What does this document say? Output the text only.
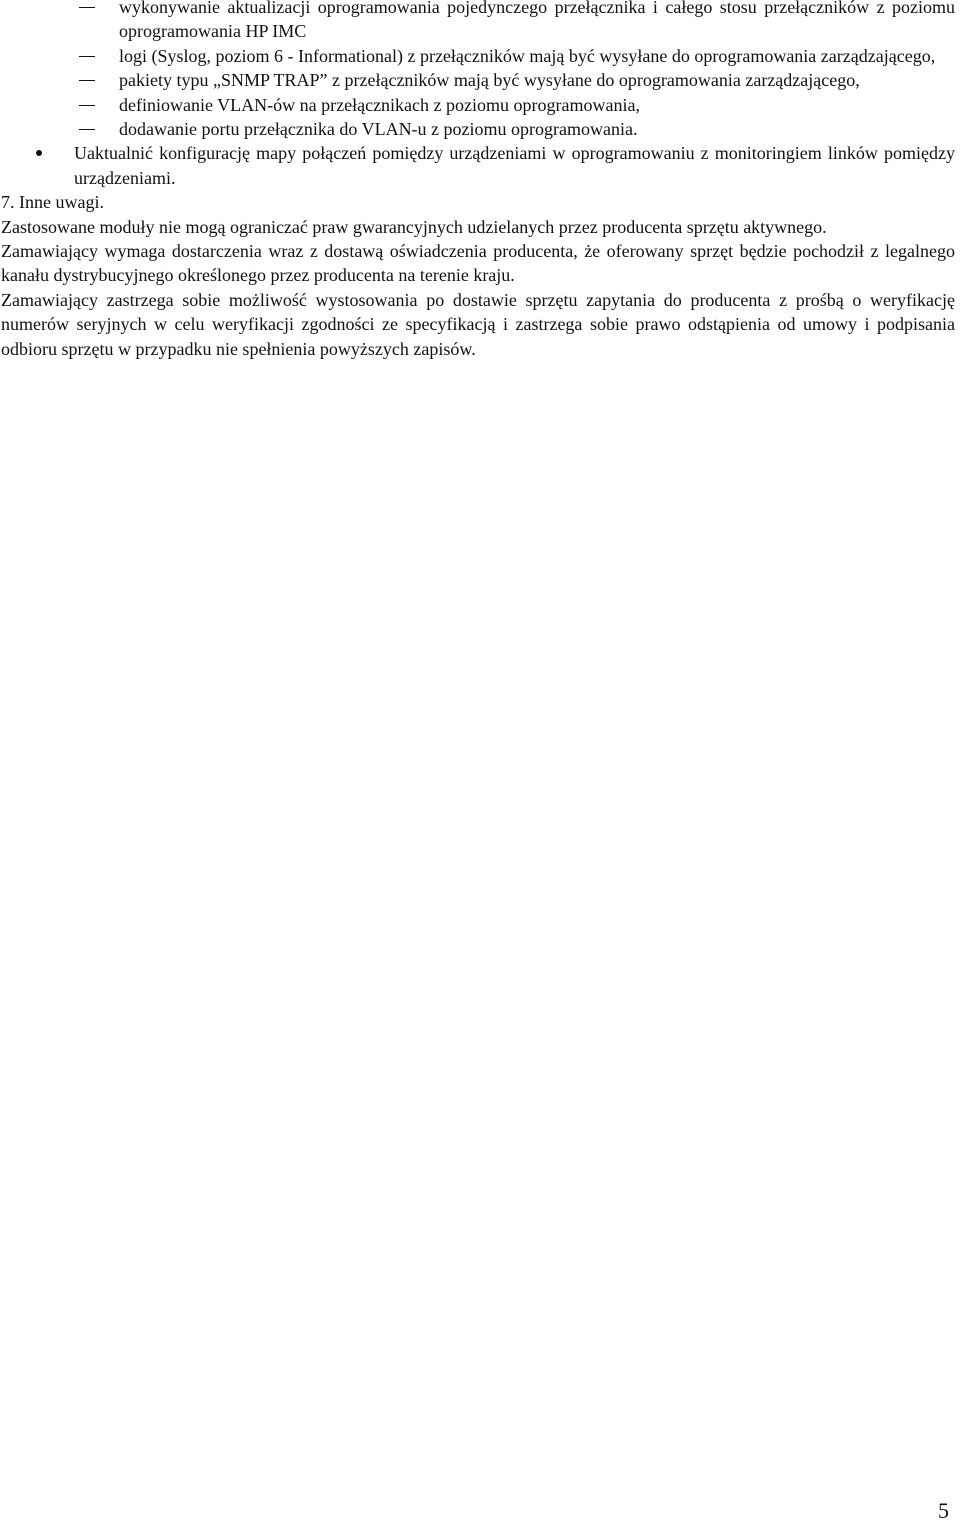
wykonywanie aktualizacji oprogramowania pojedynczego przełącznika i całego stosu przełączników z poziomu oprogramowania HP IMC
logi (Syslog, poziom 6 - Informational) z przełączników mają być wysyłane do oprogramowania zarządzającego,
pakiety typu „SNMP TRAP” z przełączników mają być wysyłane do oprogramowania zarządzającego,
definiowanie VLAN-ów na przełącznikach z poziomu oprogramowania,
dodawanie portu przełącznika do VLAN-u z poziomu oprogramowania.
Uaktualnić konfigurację mapy połączeń pomiędzy urządzeniami w oprogramowaniu z monitoringiem linków pomiędzy urządzeniami.
7. Inne uwagi.
Zastosowane moduły nie mogą ograniczać praw gwarancyjnych udzielanych przez producenta sprzętu aktywnego.
Zamawiający wymaga dostarczenia wraz z dostawą oświadczenia producenta, że oferowany sprzęt będzie pochodził z legalnego kanału dystrybucyjnego określonego przez producenta na terenie kraju.
Zamawiający zastrzega sobie możliwość wystosowania po dostawie sprzętu zapytania do producenta z prośbą o weryfikację numerów seryjnych w celu weryfikacji zgodności ze specyfikacją i zastrzega sobie prawo odstąpienia od umowy i podpisania odbioru sprzętu w przypadku nie spełnienia powyższych zapisów.
5
